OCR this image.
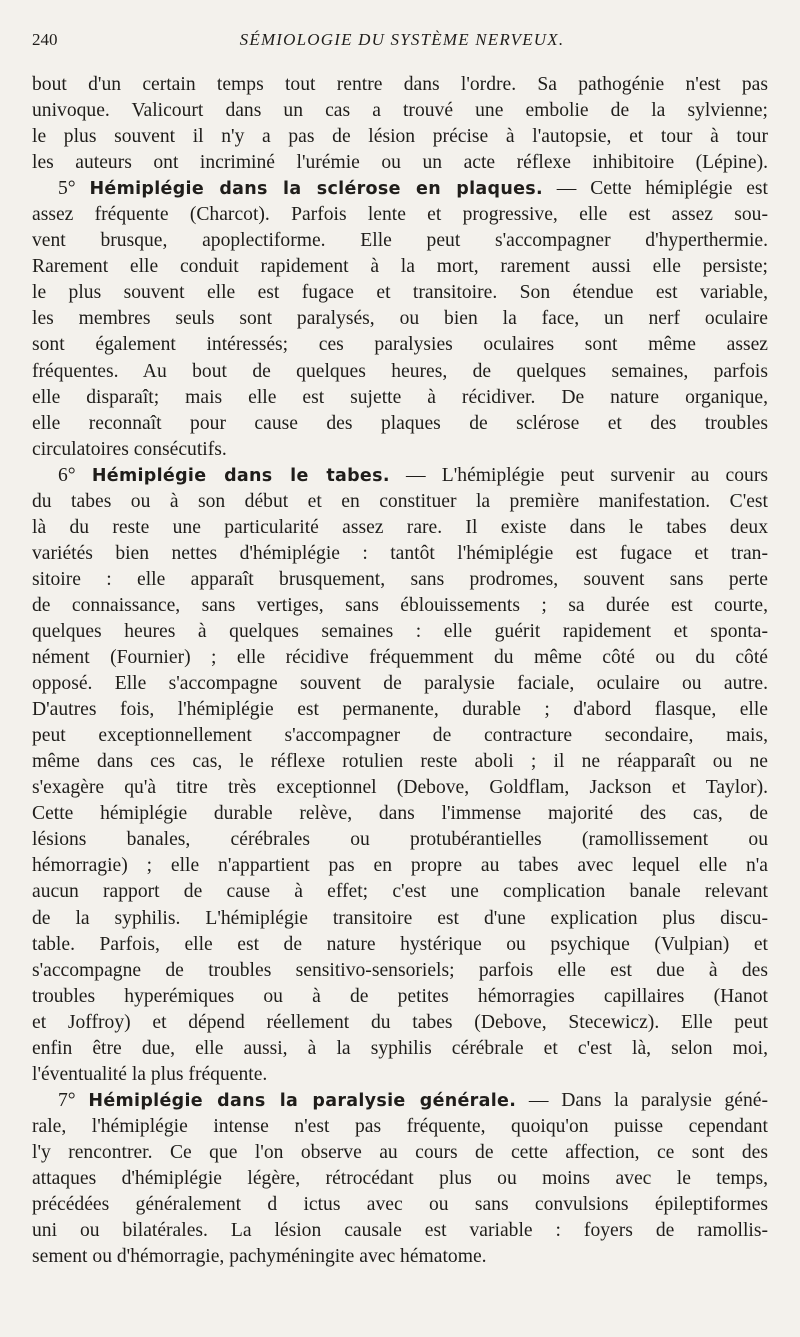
240	SÉMIOLOGIE DU SYSTÈME NERVEUX.
bout d'un certain temps tout rentre dans l'ordre. Sa pathogénie n'est pas
univoque. Valicourt dans un cas a trouvé une embolie de la sylvienne;
le plus souvent il n'y a pas de lésion précise à l'autopsie, et tour à tour
les auteurs ont incriminé l'urémie ou un acte réflexe inhibitoire (Lépine).
5° Hémiplégie dans la sclérose en plaques. — Cette hémiplégie est
assez fréquente (Charcot). Parfois lente et progressive, elle est assez sou-
vent brusque, apoplectiforme. Elle peut s'accompagner d'hyperthermie.
Rarement elle conduit rapidement à la mort, rarement aussi elle persiste;
le plus souvent elle est fugace et transitoire. Son étendue est variable,
les membres seuls sont paralysés, ou bien la face, un nerf oculaire
sont également intéressés; ces paralysies oculaires sont même assez
fréquentes. Au bout de quelques heures, de quelques semaines, parfois
elle disparaît; mais elle est sujette à récidiver. De nature organique,
elle reconnaît pour cause des plaques de sclérose et des troubles
circulatoires consécutifs.
6° Hémiplégie dans le tabes. — L'hémiplégie peut survenir au cours
du tabes ou à son début et en constituer la première manifestation. C'est
là du reste une particularité assez rare. Il existe dans le tabes deux
variétés bien nettes d'hémiplégie : tantôt l'hémiplégie est fugace et tran-
sitoire : elle apparaît brusquement, sans prodromes, souvent sans perte
de connaissance, sans vertiges, sans éblouissements ; sa durée est courte,
quelques heures à quelques semaines : elle guérit rapidement et sponta-
nément (Fournier) ; elle récidive fréquemment du même côté ou du côté
opposé. Elle s'accompagne souvent de paralysie faciale, oculaire ou autre.
D'autres fois, l'hémiplégie est permanente, durable ; d'abord flasque, elle
peut exceptionnellement s'accompagner de contracture secondaire, mais,
même dans ces cas, le réflexe rotulien reste aboli ; il ne réapparaît ou ne
s'exagère qu'à titre très exceptionnel (Debove, Goldflam, Jackson et Taylor).
Cette hémiplégie durable relève, dans l'immense majorité des cas, de
lésions banales, cérébrales ou protubérantielles (ramollissement ou
hémorragie) ; elle n'appartient pas en propre au tabes avec lequel elle n'a
aucun rapport de cause à effet; c'est une complication banale relevant
de la syphilis. L'hémiplégie transitoire est d'une explication plus discu-
table. Parfois, elle est de nature hystérique ou psychique (Vulpian) et
s'accompagne de troubles sensitivo-sensoriels; parfois elle est due à des
troubles hyperémiques ou à de petites hémorragies capillaires (Hanot
et Joffroy) et dépend réellement du tabes (Debove, Stecewicz). Elle peut
enfin être due, elle aussi, à la syphilis cérébrale et c'est là, selon moi,
l'éventualité la plus fréquente.
7° Hémiplégie dans la paralysie générale. — Dans la paralysie géné-
rale, l'hémiplégie intense n'est pas fréquente, quoiqu'on puisse cependant
l'y rencontrer. Ce que l'on observe au cours de cette affection, ce sont des
attaques d'hémiplégie légère, rétrocédant plus ou moins avec le temps,
précédées généralement d ictus avec ou sans convulsions épileptiformes
uni ou bilatérales. La lésion causale est variable : foyers de ramollis-
sement ou d'hémorragie, pachyméningite avec hématome.
